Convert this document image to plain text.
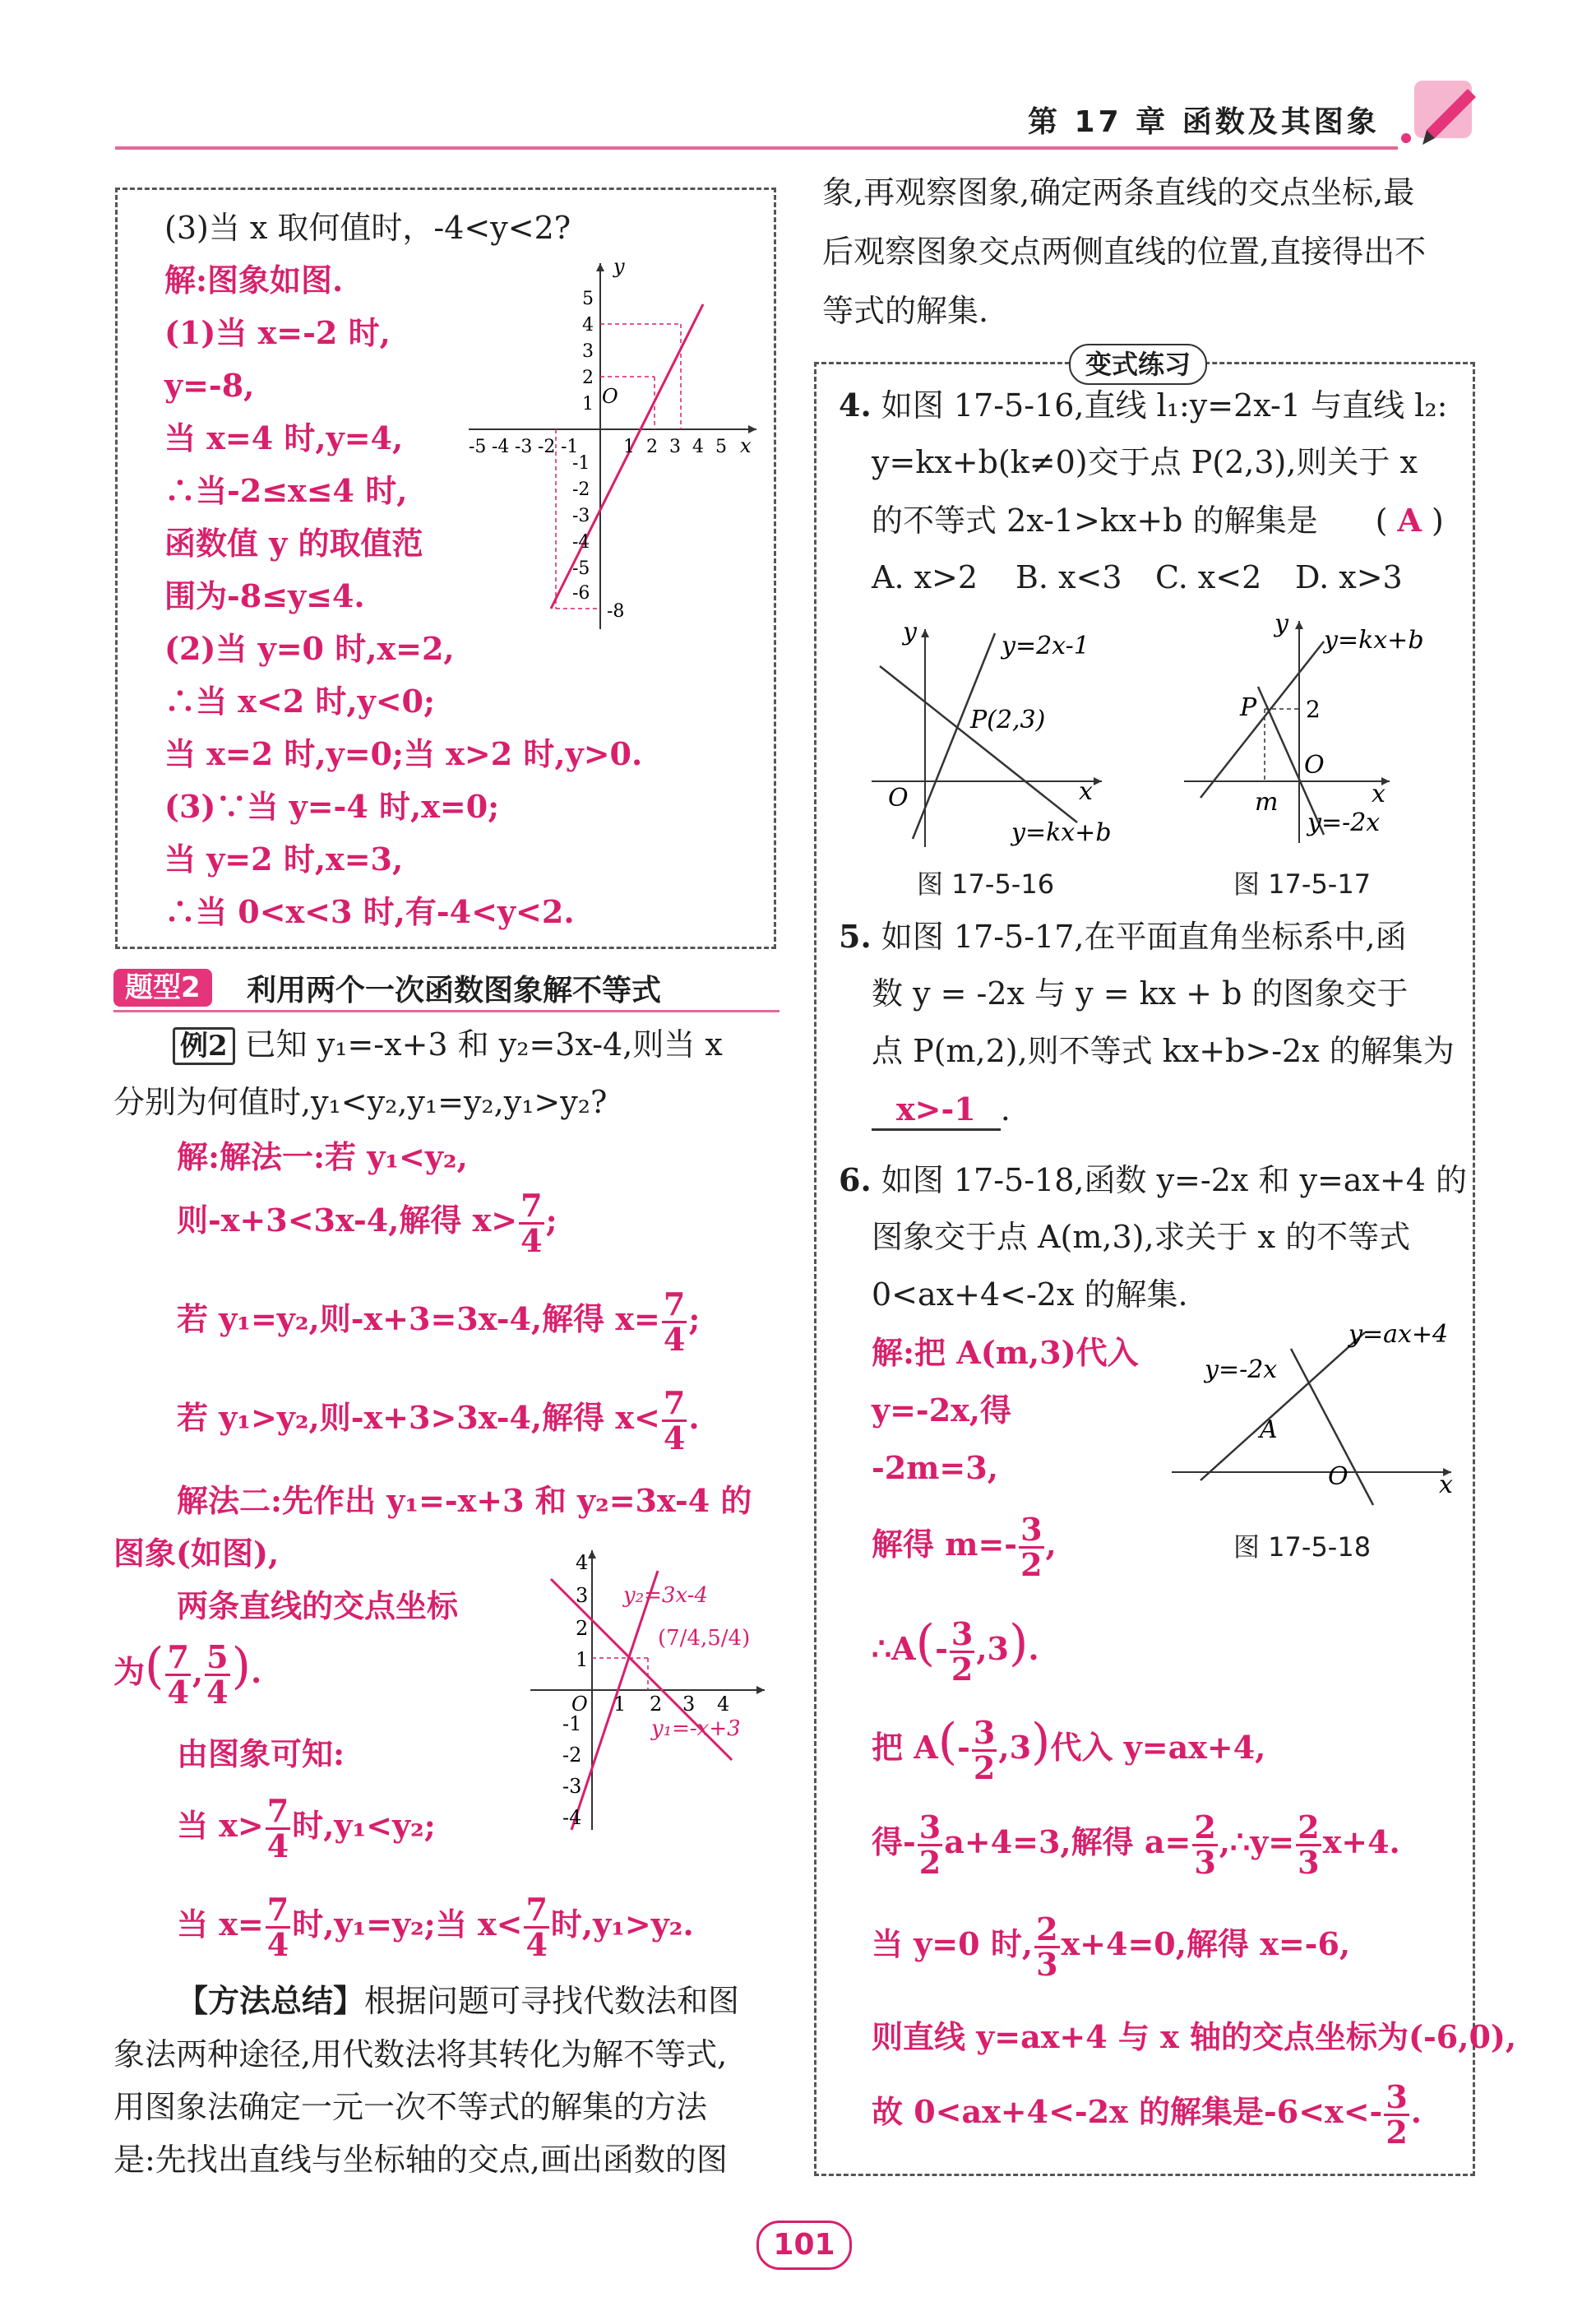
第 17 章 函数及其图象
(3)当 x 取何值时，-4<y<2?
解:图象如图.
(1)当 x=-2 时,
y=-8,
当 x=4 时,y=4,
∴当-2≤x≤4 时,
函数值 y 的取值范
围为-8≤y≤4.
(2)当 y=0 时,x=2,
∴当 x<2 时,y<0;
当 x=2 时,y=0;当 x>2 时,y>0.
(3)∵当 y=-4 时,x=0;
当 y=2 时,x=3,
∴当 0<x<3 时,有-4<y<2.
y
x
O
-5 -4 -3 -2 -1 1 2 3 4 5
5
4
3
2
1
-1
-2
-3
-4
-5
-6
-8
题型2	利用两个一次函数图象解不等式
例2 已知 y₁=-x+3 和 y₂=3x-4,则当 x
分别为何值时,y₁<y₂,y₁=y₂,y₁>y₂?
解:解法一:若 y₁<y₂,
则-x+3<3x-4,解得 $x> \frac{7}{4}$ ;
若 y₁=y₂,则-x+3=3x-4,解得 $x= \frac{7}{4}$ ;
若 y₁>y₂,则-x+3>3x-4,解得 $x< \frac{7}{4}$ .
解法二:先作出 y₁=-x+3 和 y₂=3x-4 的
图象(如图),
两条直线的交点坐标
为( $\frac{7}{4}$ , $\frac{5}{4}$ ).
由图象可知:
当 $x> \frac{7}{4}$ 时,y₁<y₂;
当 $x= \frac{7}{4}$ 时,y₁=y₂;当 $x< \frac{7}{4}$ 时,y₁>y₂.
y₂=3x-4
y₁=-x+3
(7/4,5/4)
O 1 2 3 4
4
3
2
1
-1
-2
-3
-4
【方法总结】根据问题可寻找代数法和图
象法两种途径,用代数法将其转化为解不等式,
用图象法确定一元一次不等式的解集的方法
是:先找出直线与坐标轴的交点,画出函数的图
象,再观察图象,确定两条直线的交点坐标,最
后观察图象交点两侧直线的位置,直接得出不
等式的解集.
变式练习
4. 如图 17-5-16,直线 l₁:y=2x-1 与直线 l₂:
y=kx+b(k≠0)交于点 P(2,3),则关于 x
的不等式 2x-1>kx+b 的解集是 ( A )
A. x>2 B. x<3 C. x<2 D. x>3
y
x
O
y=2x-1
P(2,3)
y=kx+b
图 17-5-16
y
x
O
y=kx+b
P 2
m
y=-2x
图 17-5-17
5. 如图 17-5-17,在平面直角坐标系中,函
数 y = -2x 与 y = kx + b 的图象交于
点 P(m,2),则不等式 kx+b>-2x 的解集为
x>-1 .
6. 如图 17-5-18,函数 y=-2x 和 y=ax+4 的
图象交于点 A(m,3),求关于 x 的不等式
0<ax+4<-2x 的解集.
解:把 A(m,3)代入
y=-2x,得
-2m=3,
解得 $m=- \frac{3}{2}$ ,
∴A(- $\frac{3}{2} ,3$).
把 $A(- \frac{3}{2} ,3)$代入 y=ax+4,
得- $\frac{3}{2} a+4=3$,解得 $a= \frac{2}{3}$ ,∴y= $\frac{2}{3} x+4$.
当 y=0 时, $\frac{2}{3} x+4=0$,解得 x=-6,
则直线 y=ax+4 与 x 轴的交点坐标为(-6,0),
故 0<ax+4<-2x 的解集是$-6<x<- \frac{3}{2}$ .
y=-2x
y=ax+4
A
O	x
图 17-5-18
101
